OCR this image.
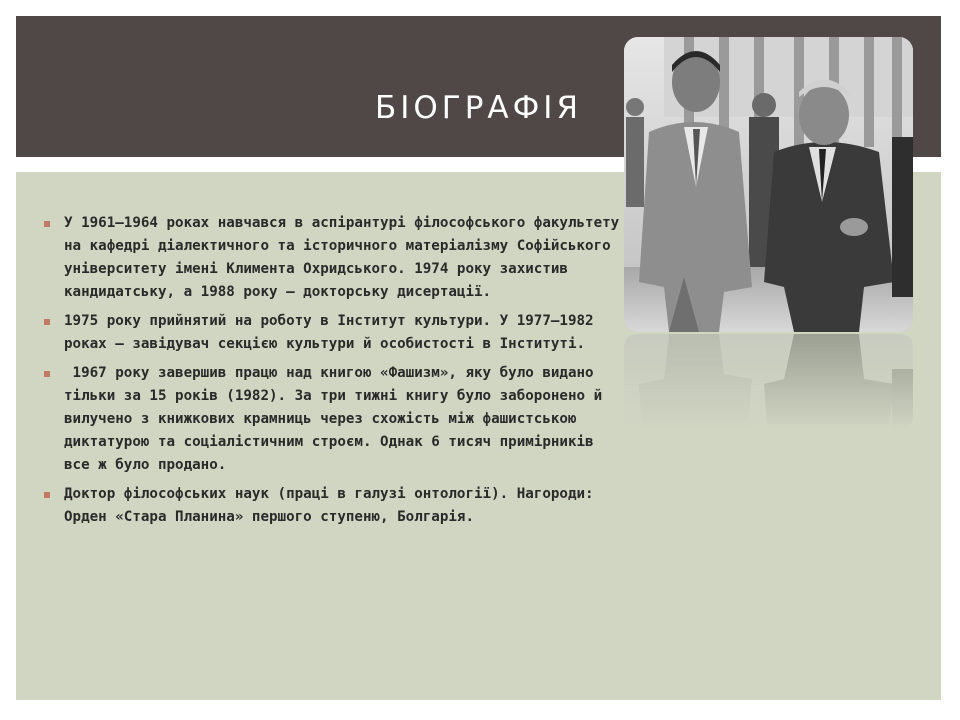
БІОГРАФІЯ
У 1961–1964 роках навчався в аспірантурі філософського факультету на кафедрі діалектичного та історичного матеріалізму Софійського університету імені Климента Охридського. 1974 року захистив кандидатську, а 1988 року — докторську дисертації.
1975 року прийнятий на роботу в Інститут культури. У 1977–1982 роках — завідувач секцією культури й особистості в Інституті.
1967 року завершив працю над книгою «Фашизм», яку було видано тільки за 15 років (1982). За три тижні книгу було заборонено й вилучено з книжкових крамниць через схожість між фашистською диктатурою та соціалістичним строєм. Однак 6 тисяч примірників все ж було продано.
Доктор філософських наук (праці в галузі онтології). Нагороди: Орден «Стара Планина» першого ступеню, Болгарія.
